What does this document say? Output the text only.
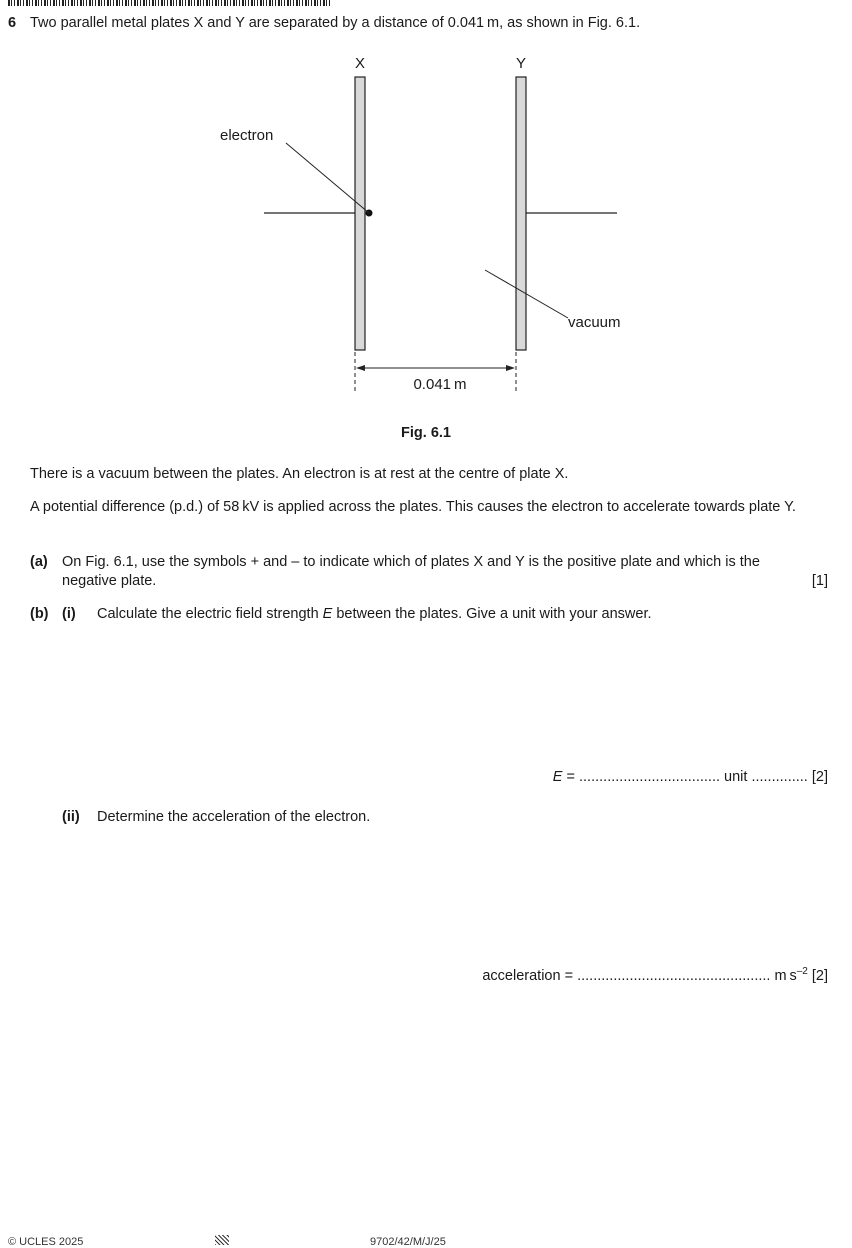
6 Two parallel metal plates X and Y are separated by a distance of 0.041 m, as shown in Fig. 6.1.
X	Y
electron
vacuum
0.041 m
Fig. 6.1
There is a vacuum between the plates. An electron is at rest at the centre of plate X.
A potential difference (p.d.) of 58 kV is applied across the plates. This causes the electron to accelerate towards plate Y.
(a) On Fig. 6.1, use the symbols + and – to indicate which of plates X and Y is the positive plate and which is the negative plate.	[1]
(b) (i) Calculate the electric field strength E between the plates. Give a unit with your answer.
E = ................................... unit .............. [2]
(ii) Determine the acceleration of the electron.
acceleration = ................................................ m $s^{-2}$ [2]
© UCLES 2025	9702/42/M/J/25
